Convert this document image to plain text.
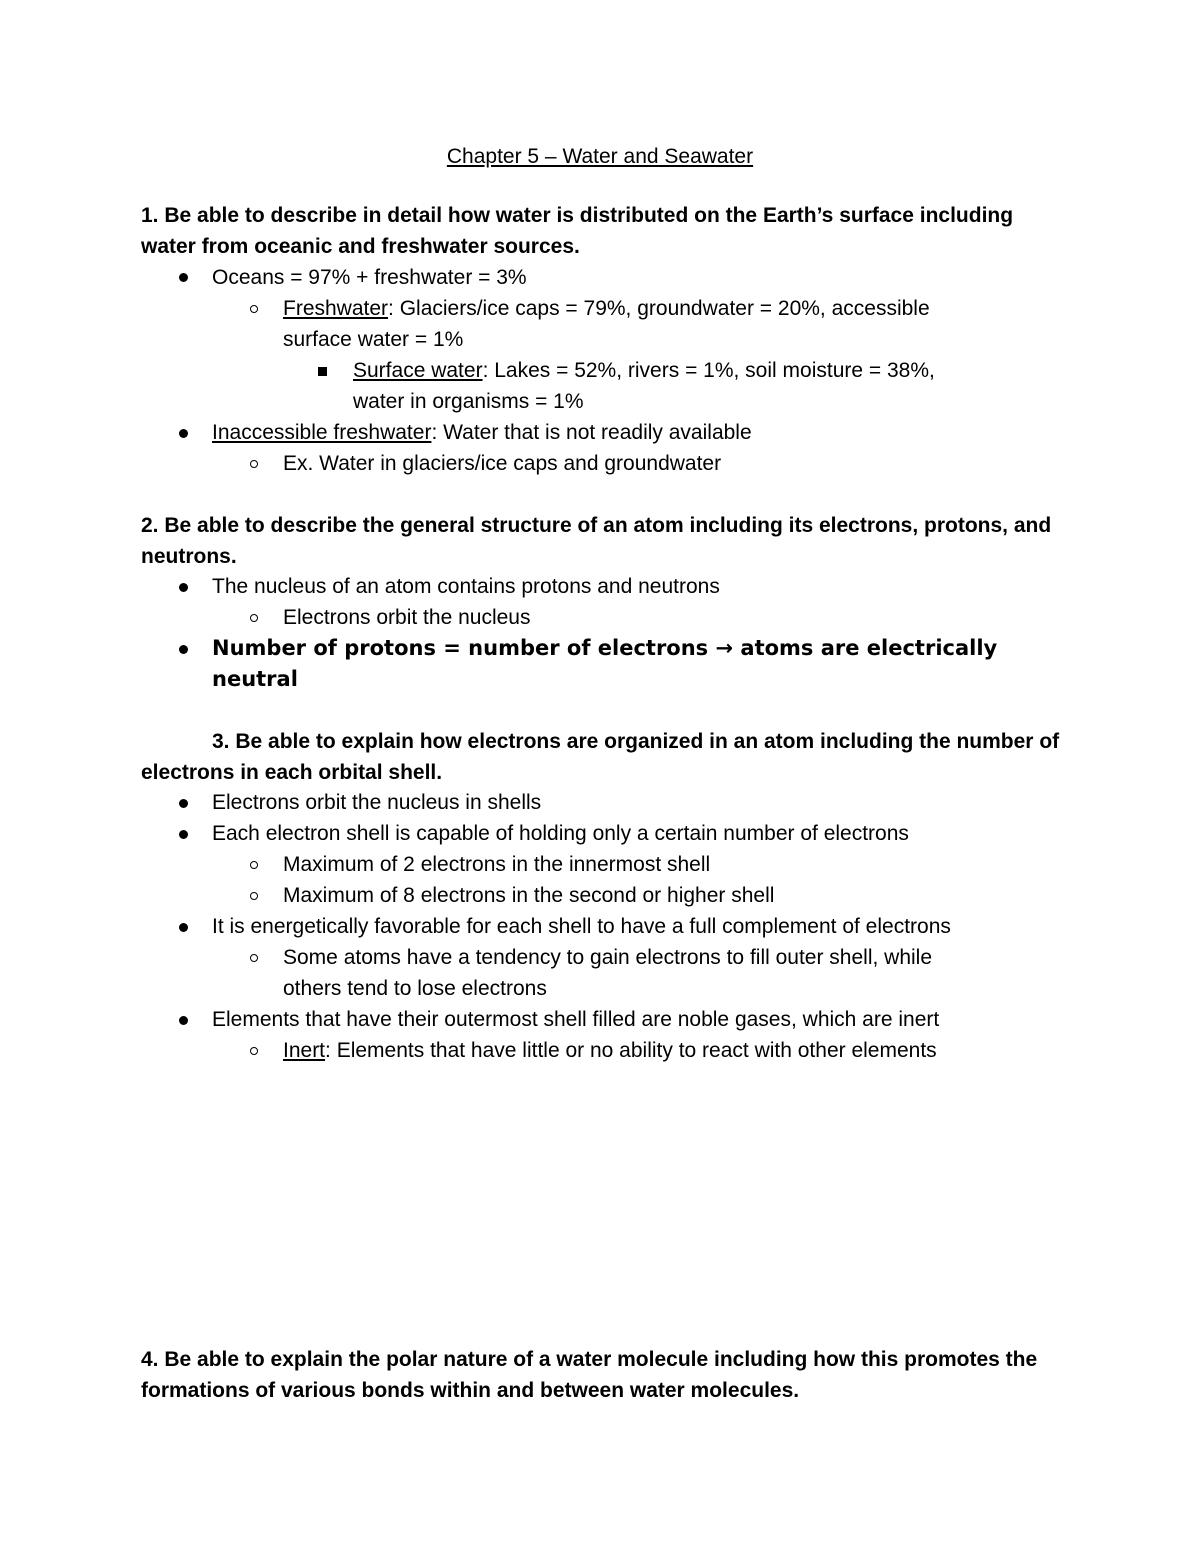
Chapter 5 – Water and Seawater
1. Be able to describe in detail how water is distributed on the Earth’s surface including water from oceanic and freshwater sources.
Oceans = 97% + freshwater = 3%
Freshwater: Glaciers/ice caps = 79%, groundwater = 20%, accessible
surface water = 1%
Surface water: Lakes = 52%, rivers = 1%, soil moisture = 38%,
water in organisms = 1%
Inaccessible freshwater: Water that is not readily available
Ex. Water in glaciers/ice caps and groundwater
2. Be able to describe the general structure of an atom including its electrons, protons, and neutrons.
The nucleus of an atom contains protons and neutrons
Electrons orbit the nucleus
Number of protons = number of electrons → atoms are electrically
neutral
3. Be able to explain how electrons are organized in an atom including the number of electrons in each orbital shell.
Electrons orbit the nucleus in shells
Each electron shell is capable of holding only a certain number of electrons
Maximum of 2 electrons in the innermost shell
Maximum of 8 electrons in the second or higher shell
It is energetically favorable for each shell to have a full complement of electrons
Some atoms have a tendency to gain electrons to fill outer shell, while
others tend to lose electrons
Elements that have their outermost shell filled are noble gases, which are inert
Inert: Elements that have little or no ability to react with other elements
4. Be able to explain the polar nature of a water molecule including how this promotes the formations of various bonds within and between water molecules.
